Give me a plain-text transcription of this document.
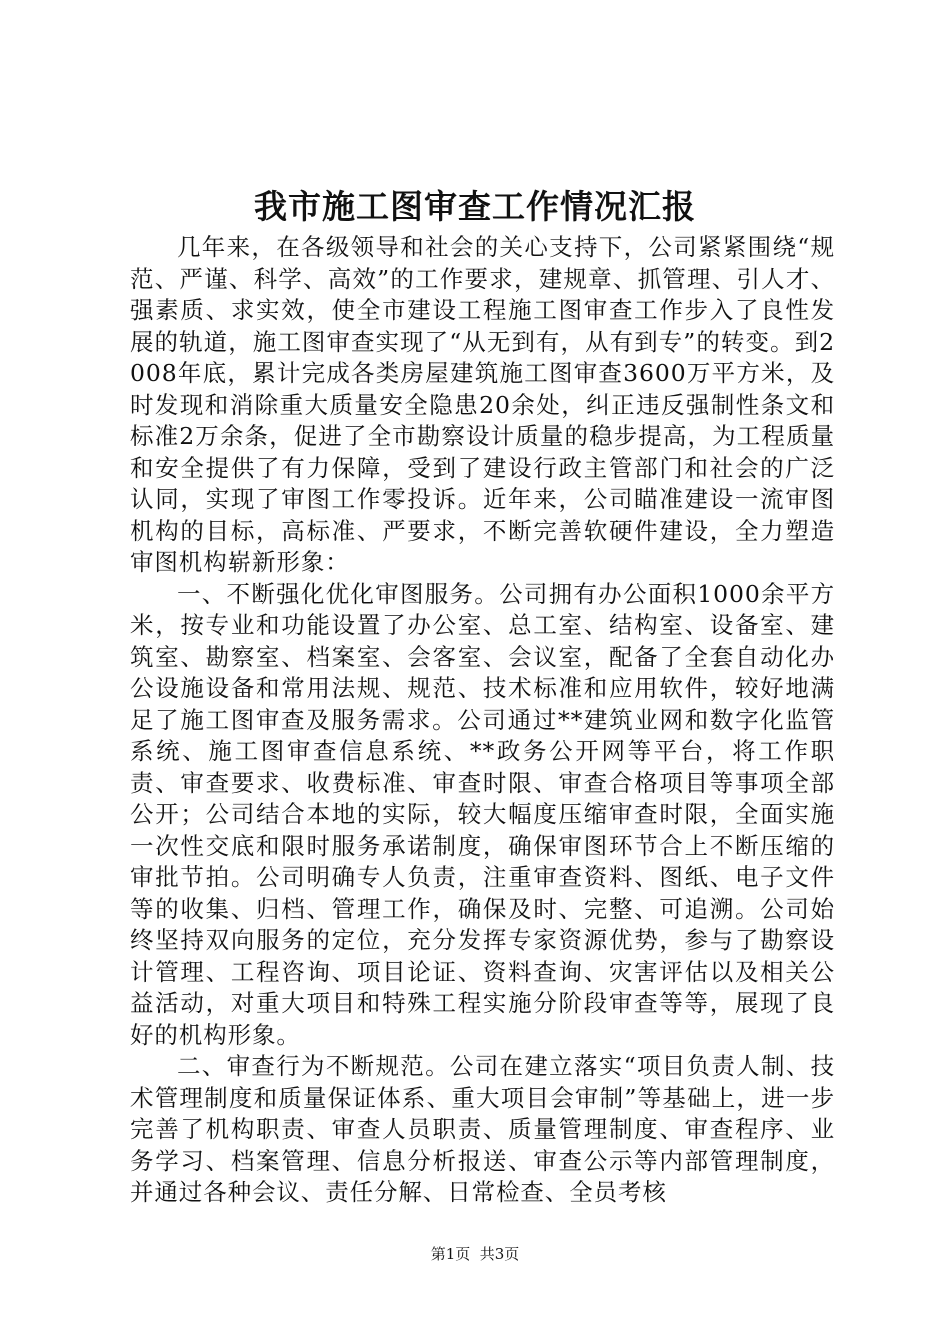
我市施工图审查工作情况汇报

几年来，在各级领导和社会的关心支持下，公司紧紧围绕“规范、严谨、科学、高效”的工作要求，建规章、抓管理、引人才、强素质、求实效，使全市建设工程施工图审查工作步入了良性发展的轨道，施工图审查实现了“从无到有，从有到专”的转变。到2008年底，累计完成各类房屋建筑施工图审查3600万平方米，及时发现和消除重大质量安全隐患20余处，纠正违反强制性条文和标准2万余条，促进了全市勘察设计质量的稳步提高，为工程质量和安全提供了有力保障，受到了建设行政主管部门和社会的广泛认同，实现了审图工作零投诉。近年来，公司瞄准建设一流审图机构的目标，高标准、严要求，不断完善软硬件建设，全力塑造审图机构崭新形象：

一、不断强化优化审图服务。公司拥有办公面积1000余平方米，按专业和功能设置了办公室、总工室、结构室、设备室、建筑室、勘察室、档案室、会客室、会议室，配备了全套自动化办公设施设备和常用法规、规范、技术标准和应用软件，较好地满足了施工图审查及服务需求。公司通过**建筑业网和数字化监管系统、施工图审查信息系统、**政务公开网等平台，将工作职责、审查要求、收费标准、审查时限、审查合格项目等事项全部公开；公司结合本地的实际，较大幅度压缩审查时限，全面实施一次性交底和限时服务承诺制度，确保审图环节合上不断压缩的审批节拍。公司明确专人负责，注重审查资料、图纸、电子文件等的收集、归档、管理工作，确保及时、完整、可追溯。公司始终坚持双向服务的定位，充分发挥专家资源优势，参与了勘察设计管理、工程咨询、项目论证、资料查询、灾害评估以及相关公益活动，对重大项目和特殊工程实施分阶段审查等等，展现了良好的机构形象。

二、审查行为不断规范。公司在建立落实“项目负责人制、技术管理制度和质量保证体系、重大项目会审制”等基础上，进一步完善了机构职责、审查人员职责、质量管理制度、审查程序、业务学习、档案管理、信息分析报送、审查公示等内部管理制度，并通过各种会议、责任分解、日常检查、全员考核

第1页  共3页
